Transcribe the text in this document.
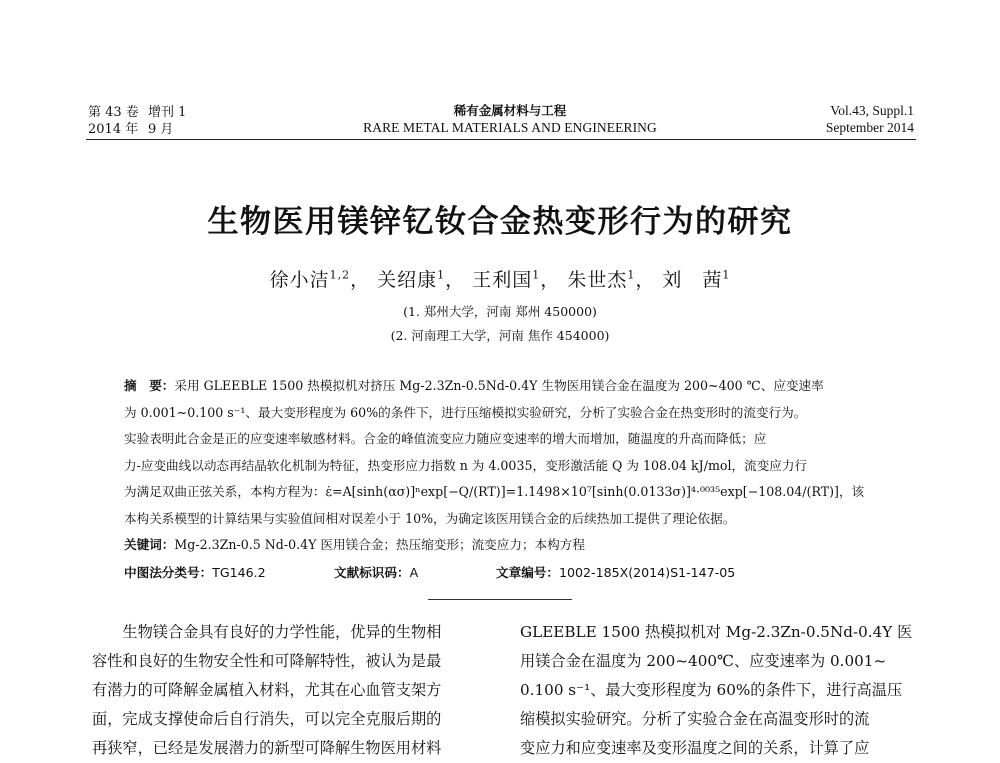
第 43 卷 增刊 1
2014 年 9 月
稀有金属材料与工程
RARE METAL MATERIALS AND ENGINEERING
Vol.43, Suppl.1
September 2014
生物医用镁锌钇钕合金热变形行为的研究
徐小洁$^{1,2}$， 关绍康$^1$， 王利国$^1$， 朱世杰$^1$， 刘　茜$^1$
(1. 郑州大学，河南 郑州 450000)
(2. 河南理工大学，河南 焦作 454000)
摘　要：采用 GLEEBLE 1500 热模拟机对挤压 Mg-2.3Zn-0.5Nd-0.4Y 生物医用镁合金在温度为 200~400 ℃、应变速率
为 0.001~0.100 s⁻¹、最大变形程度为 60%的条件下，进行压缩模拟实验研究，分析了实验合金在热变形时的流变行为。
实验表明此合金是正的应变速率敏感材料。合金的峰值流变应力随应变速率的增大而增加，随温度的升高而降低；应
力-应变曲线以动态再结晶软化机制为特征，热变形应力指数 n 为 4.0035，变形激活能 Q 为 108.04 kJ/mol，流变应力行
为满足双曲正弦关系，本构方程为：ε̇=A[sinh(ασ)]ⁿexp[−Q/(RT)]=1.1498×10⁷[sinh(0.0133σ)]⁴·⁰⁰³⁵exp[−108.04/(RT)]，该
本构关系模型的计算结果与实验值间相对误差小于 10%，为确定该医用镁合金的后续热加工提供了理论依据。
关键词：Mg-2.3Zn-0.5 Nd-0.4Y 医用镁合金；热压缩变形；流变应力；本构方程
中图法分类号：TG146.2	文献标识码：A	文章编号：1002-185X(2014)S1-147-05
　　生物镁合金具有良好的力学性能，优异的生物相
容性和良好的生物安全性和可降解特性，被认为是最
有潜力的可降解金属植入材料，尤其在心血管支架方
面，完成支撑使命后自行消失，可以完全克服后期的
再狭窄，已经是发展潜力的新型可降解生物医用材料
GLEEBLE 1500 热模拟机对 Mg-2.3Zn-0.5Nd-0.4Y 医
用镁合金在温度为 200~400℃、应变速率为 0.001~
0.100 s⁻¹、最大变形程度为 60%的条件下，进行高温压
缩模拟实验研究。分析了实验合金在高温变形时的流
变应力和应变速率及变形温度之间的关系，计算了应
